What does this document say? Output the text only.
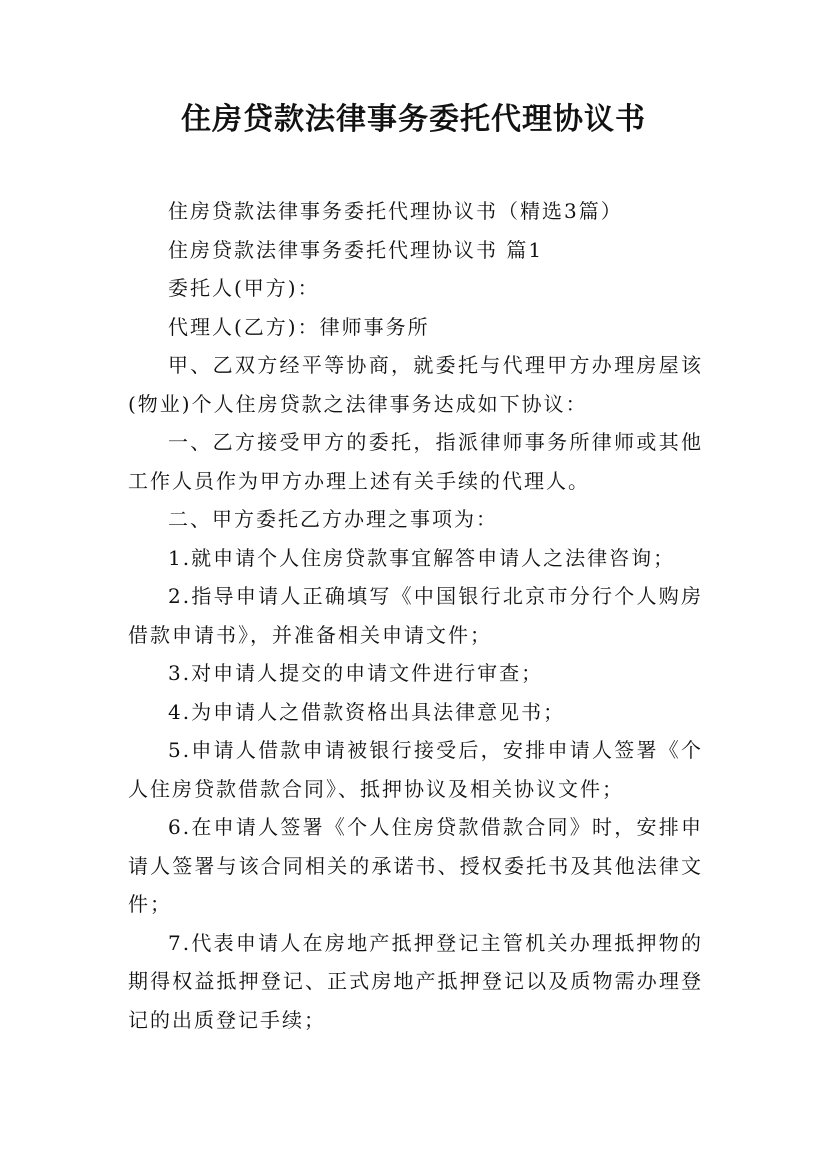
住房贷款法律事务委托代理协议书

住房贷款法律事务委托代理协议书（精选3篇）

住房贷款法律事务委托代理协议书 篇1

委托人(甲方)：

代理人(乙方)：律师事务所

甲、乙双方经平等协商，就委托与代理甲方办理房屋该(物业)个人住房贷款之法律事务达成如下协议：

一、乙方接受甲方的委托，指派律师事务所律师或其他工作人员作为甲方办理上述有关手续的代理人。

二、甲方委托乙方办理之事项为：

1.就申请个人住房贷款事宜解答申请人之法律咨询；

2.指导申请人正确填写《中国银行北京市分行个人购房借款申请书》，并准备相关申请文件；

3.对申请人提交的申请文件进行审查；

4.为申请人之借款资格出具法律意见书；

5.申请人借款申请被银行接受后，安排申请人签署《个人住房贷款借款合同》、抵押协议及相关协议文件；

6.在申请人签署《个人住房贷款借款合同》时，安排申请人签署与该合同相关的承诺书、授权委托书及其他法律文件；

7.代表申请人在房地产抵押登记主管机关办理抵押物的期得权益抵押登记、正式房地产抵押登记以及质物需办理登记的出质登记手续；
